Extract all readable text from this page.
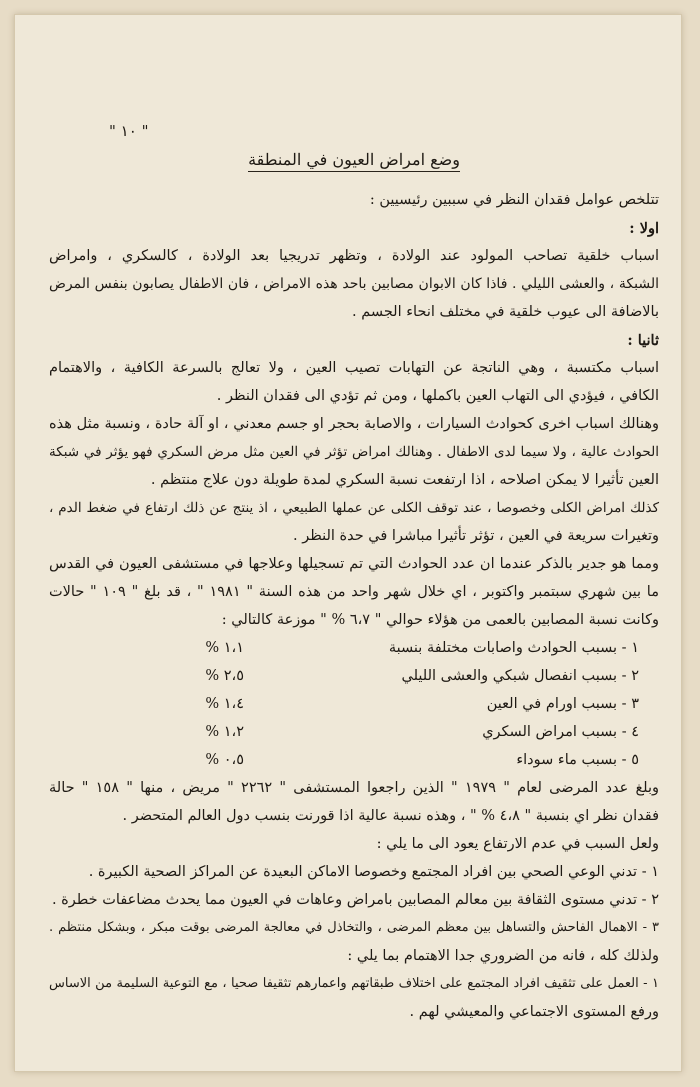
" ١٠ "
وضع امراض العيون في المنطقة
تتلخص عوامل فقدان النظر في سببين رئيسيين :
اولا :
اسباب خلقية تصاحب المولود عند الولادة ، وتظهر تدريجيا بعد الولادة ، كالسكري ، وامراض
الشبكة ، والعشى الليلي . فاذا كان الابوان مصابين باحد هذه الامراض ، فان الاطفال يصابون بنفس المرض
بالاضافة الى عيوب خلقية في مختلف انحاء الجسم .
ثانيا :
اسباب مكتسبة ، وهي الناتجة عن التهابات تصيب العين ، ولا تعالج بالسرعة الكافية ، والاهتمام
الكافي ، فيؤدي الى التهاب العين باكملها ، ومن ثم تؤدي الى فقدان النظر .
وهنالك اسباب اخرى كحوادث السيارات ، والاصابة بحجر او جسم معدني ، او آلة حادة ، ونسبة مثل هذه
الحوادث عالية ، ولا سيما لدى الاطفال . وهنالك امراض تؤثر في العين مثل مرض السكري فهو يؤثر في شبكة
العين تأثيرا لا يمكن اصلاحه ، اذا ارتفعت نسبة السكري لمدة طويلة دون علاج منتظم .
كذلك امراض الكلى وخصوصا ، عند توقف الكلى عن عملها الطبيعي ، اذ ينتج عن ذلك ارتفاع في ضغط الدم ،
وتغيرات سريعة في العين ، تؤثر تأثيرا مباشرا في حدة النظر .
ومما هو جدير بالذكر عندما ان عدد الحوادث التي تم تسجيلها وعلاجها في مستشفى العيون في القدس
ما بين شهري سبتمبر واكتوبر ، اي خلال شهر واحد من هذه السنة " ١٩٨١ " ، قد بلغ " ١٠٩ " حالات
وكانت نسبة المصابين بالعمى من هؤلاء حوالي " ٦،٧ % " موزعة كالتالي :
١ - بسبب الحوادث واصابات مختلفة بنسبة
١،١ %
٢ - بسبب انفصال شبكي والعشى الليلي
٢،٥ %
٣ - بسبب اورام في العين
١،٤ %
٤ - بسبب امراض السكري
١،٢ %
٥ - بسبب ماء سوداء
٠،٥ %
وبلغ عدد المرضى لعام " ١٩٧٩ " الذين راجعوا المستشفى " ٢٢٦٢ " مريض ، منها " ١٥٨ " حالة
فقدان نظر اي بنسبة " ٤،٨ % " ، وهذه نسبة عالية اذا قورنت بنسب دول العالم المتحضر .
ولعل السبب في عدم الارتفاع يعود الى ما يلي :
١ - تدني الوعي الصحي بين افراد المجتمع وخصوصا الاماكن البعيدة عن المراكز الصحية الكبيرة .
٢ - تدني مستوى الثقافة بين معالم المصابين بامراض وعاهات في العيون مما يحدث مضاعفات خطرة .
٣ - الاهمال الفاحش والتساهل بين معظم المرضى ، والتخاذل في معالجة المرضى بوقت مبكر ، وبشكل منتظم .
ولذلك كله ، فانه من الضروري جدا الاهتمام بما يلي :
١ - العمل على تثقيف افراد المجتمع على اختلاف طبقاتهم واعمارهم تثقيفا صحيا ، مع التوعية السليمة من الاساس
ورفع المستوى الاجتماعي والمعيشي لهم .
